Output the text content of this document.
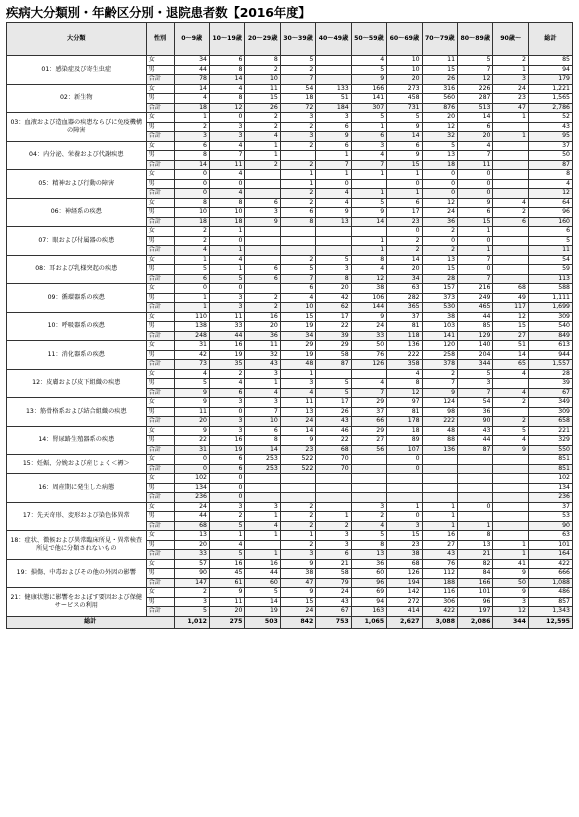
疾病大分類別・年齢区分別・退院患者数【2016年度】
大分類	性別	0～9歳	10～19歳	20～29歳	30～39歳	40～49歳	50～59歳	60～69歳	70～79歳	80～89歳	90歳～	総計
01：感染症及び寄生虫症	女	34	6	8	5		4	10	11	5	2	85
	男	44	8	2	2		5	10	15	7	1	94
	合計	78	14	10	7		9	20	26	12	3	179
02：新生物	女	14	4	11	54	133	166	273	316	226	24	1,221
	男	4	8	15	18	51	141	458	560	287	23	1,565
	合計	18	12	26	72	184	307	731	876	513	47	2,786
03：血液および造血器の疾患ならびに免疫機構の障害	女	1	0	2	3	3	5	5	20	14	1	52
	男	2	3	2	2	6	1	9	12	6		43
	合計	3	3	4	3	9	6	14	32	20	1	95
04：内分泌、栄養および代謝疾患	女	6	4	1	2	6	3	6	5	4		37
	男	8	7	1		1	4	9	13	7		50
	合計	14	11	2	2	7	7	15	18	11		87
05：精神および行動の障害	女	0	4		1	1	1	1	0	0		8
	男	0	0		1	0		0	0	0		4
	合計	0	4		2	4	1	1	0	0		12
06：神経系の疾患	女	8	8	6	2	4	5	6	12	9	4	64
	男	10	10	3	6	9	9	17	24	6	2	96
	合計	18	18	9	8	13	14	23	36	15	6	160
07：眼および付属器の疾患	女	2	1					0	2	1		6
	男	2	0				1	2	0	0		5
	合計	4	1				1	2	2	1		11
08：耳および乳様突起の疾患	女	1	4		2	5	8	14	13	7		54
	男	5	1	6	5	3	4	20	15	0		59
	合計	6	5	6	7	8	12	34	28	7		113
09：循環器系の疾患	女	0	0		6	20	38	63	157	216	68	588
	男	1	3	2	4	42	106	282	373	249	49	1,111
	合計	1	3	2	10	62	144	365	530	465	117	1,699
10：呼吸器系の疾患	女	110	11	16	15	17	9	37	38	44	12	309
	男	138	33	20	19	22	24	81	103	85	15	540
	合計	248	44	36	34	39	33	118	141	129	27	849
11：消化器系の疾患	女	31	16	11	29	29	50	136	120	140	51	613
	男	42	19	32	19	58	76	222	258	204	14	944
	合計	73	35	43	48	87	126	358	378	344	65	1,557
12：皮膚および皮下組織の疾患	女	4	2	3	1			4	2	5	4	28
	男	5	4	1	3	5	4	8	7	3		39
	合計	9	6	4	4	5	7	12	9	7	4	67
13：筋骨格系および結合組織の疾患	女	9	3	3	11	17	29	97	124	54	2	349
	男	11	0	7	13	26	37	81	98	36		309
	合計	20	3	10	24	43	66	178	222	90	2	658
14：腎尿路生殖器系の疾患	女	9	3	6	14	46	29	18	48	43	5	221
	男	22	16	8	9	22	27	89	88	44	4	329
	合計	31	19	14	23	68	56	107	136	87	9	550
15：妊娠、分娩および産じょく＜褥＞	女	0	6	253	522	70		0				851
	合計	0	6	253	522	70		0				851
16：周産期に発生した病態	女	102	0									102
	男	134	0									134
	合計	236	0									236
17：先天奇形、変形および染色体異常	女	24	3	3	2		3	1	1	0		37
	男	44	2	1	2	1	2	0	1			53
	合計	68	5	4	2	2	4	3	1	1		90
18：症状、徴候および異常臨床所見・異常検査所見で他に分類されないもの	女	13	1	1	1	3	5	15	16	8		63
	男	20	4		2	3	8	23	27	13	1	101
	合計	33	5	1	3	6	13	38	43	21	1	164
19：損傷、中毒およびその他の外因の影響	女	57	16	16	9	21	36	68	76	82	41	422
	男	90	45	44	38	58	60	126	112	84	9	666
	合計	147	61	60	47	79	96	194	188	166	50	1,088
21：健康状態に影響をおよぼす要因および保健サービスの利用	女	2	9	5	9	24	69	142	116	101	9	486
	男	3	11	14	15	43	94	272	306	96	3	857
	合計	5	20	19	24	67	163	414	422	197	12	1,343
総計		1,012	275	503	842	753	1,065	2,627	3,088	2,086	344	12,595
